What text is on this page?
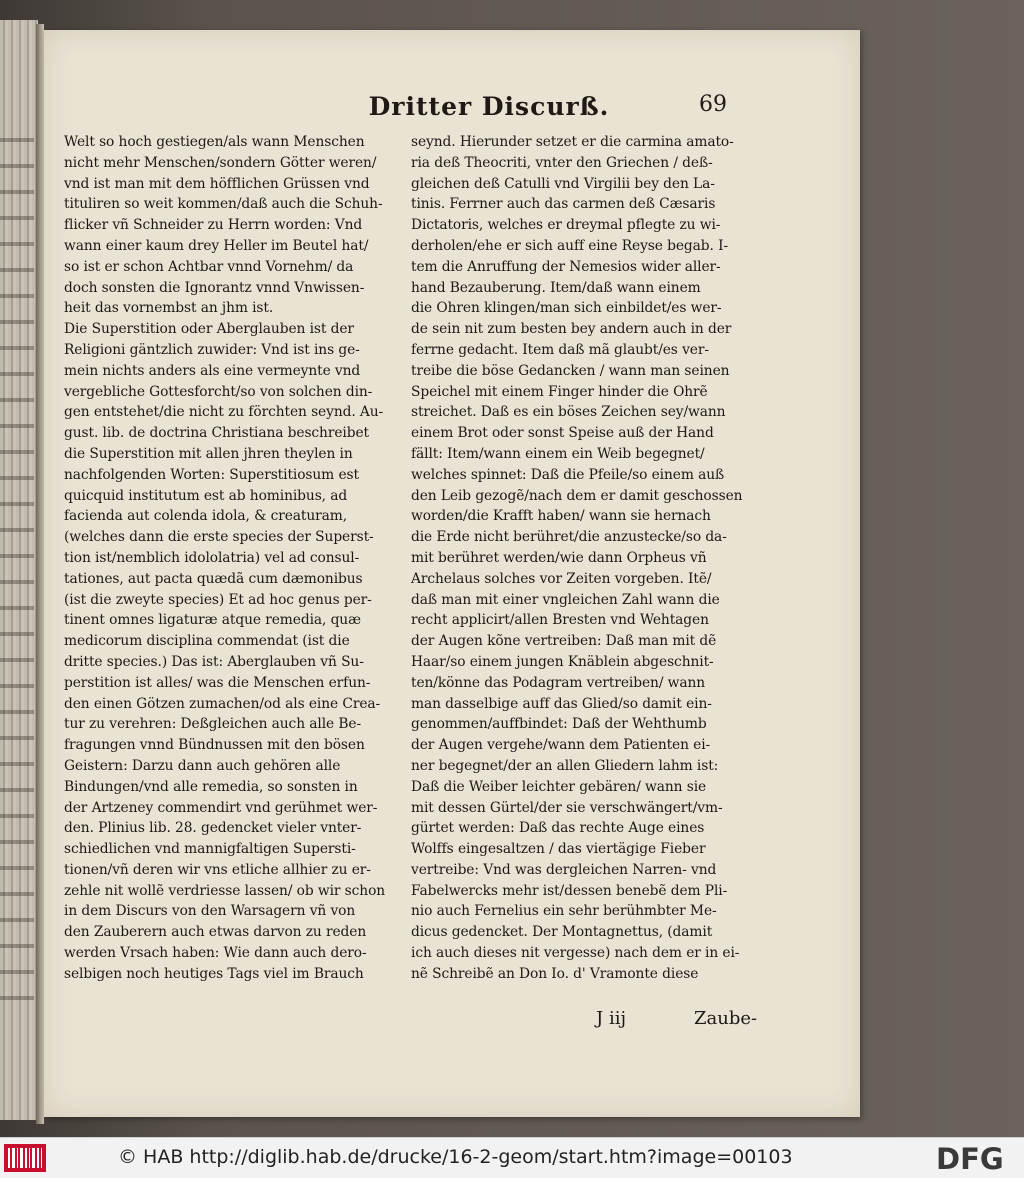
Dritter Discurß.	69
Welt so hoch gestiegen/als wann Menschen
nicht mehr Menschen/sondern Götter weren/
vnd ist man mit dem höfflichen Grüssen vnd
tituliren so weit kommen/daß auch die Schuh-
flicker vñ Schneider zu Herrn worden: Vnd
wann einer kaum drey Heller im Beutel hat/
so ist er schon Achtbar vnnd Vornehm/ da
doch sonsten die Ignorantz vnnd Vnwissen-
heit das vornembst an jhm ist.
Die Superstition oder Aberglauben ist der
Religioni gäntzlich zuwider: Vnd ist ins ge-
mein nichts anders als eine vermeynte vnd
vergebliche Gottesforcht/so von solchen din-
gen entstehet/die nicht zu förchten seynd. Au-
gust. lib. de doctrina Christiana beschreibet
die Superstition mit allen jhren theylen in
nachfolgenden Worten: Superstitiosum est
quicquid institutum est ab hominibus, ad
facienda aut colenda idola, & creaturam,
(welches dann die erste species der Superst-
tion ist/nemblich idololatria) vel ad consul-
tationes, aut pacta quædã cum dæmonibus
(ist die zweyte species) Et ad hoc genus per-
tinent omnes ligaturæ atque remedia, quæ
medicorum disciplina commendat (ist die
dritte species.) Das ist: Aberglauben vñ Su-
perstition ist alles/ was die Menschen erfun-
den einen Götzen zumachen/od als eine Crea-
tur zu verehren: Deßgleichen auch alle Be-
fragungen vnnd Bündnussen mit den bösen
Geistern: Darzu dann auch gehören alle
Bindungen/vnd alle remedia, so sonsten in
der Artzeney commendirt vnd gerühmet wer-
den. Plinius lib. 28. gedencket vieler vnter-
schiedlichen vnd mannigfaltigen Supersti-
tionen/vñ deren wir vns etliche allhier zu er-
zehle nit wollẽ verdriesse lassen/ ob wir schon
in dem Discurs von den Warsagern vñ von
den Zauberern auch etwas darvon zu reden
werden Vrsach haben: Wie dann auch dero-
selbigen noch heutiges Tags viel im Brauch
seynd. Hierunder setzet er die carmina amato-
ria deß Theocriti, vnter den Griechen / deß-
gleichen deß Catulli vnd Virgilii bey den La-
tinis. Ferrner auch das carmen deß Cæsaris
Dictatoris, welches er dreymal pflegte zu wi-
derholen/ehe er sich auff eine Reyse begab. I-
tem die Anruffung der Nemesios wider aller-
hand Bezauberung. Item/daß wann einem
die Ohren klingen/man sich einbildet/es wer-
de sein nit zum besten bey andern auch in der
ferrne gedacht. Item daß mã glaubt/es ver-
treibe die böse Gedancken / wann man seinen
Speichel mit einem Finger hinder die Ohrẽ
streichet. Daß es ein böses Zeichen sey/wann
einem Brot oder sonst Speise auß der Hand
fällt: Item/wann einem ein Weib begegnet/
welches spinnet: Daß die Pfeile/so einem auß
den Leib gezogẽ/nach dem er damit geschossen
worden/die Krafft haben/ wann sie hernach
die Erde nicht berühret/die anzustecke/so da-
mit berühret werden/wie dann Orpheus vñ
Archelaus solches vor Zeiten vorgeben. Itẽ/
daß man mit einer vngleichen Zahl wann die
recht applicirt/allen Bresten vnd Wehtagen
der Augen kõne vertreiben: Daß man mit dẽ
Haar/so einem jungen Knäblein abgeschnit-
ten/könne das Podagram vertreiben/ wann
man dasselbige auff das Glied/so damit ein-
genommen/auffbindet: Daß der Wehthumb
der Augen vergehe/wann dem Patienten ei-
ner begegnet/der an allen Gliedern lahm ist:
Daß die Weiber leichter gebären/ wann sie
mit dessen Gürtel/der sie verschwängert/vm-
gürtet werden: Daß das rechte Auge eines
Wolffs eingesaltzen / das viertägige Fieber
vertreibe: Vnd was dergleichen Narren- vnd
Fabelwercks mehr ist/dessen benebẽ dem Pli-
nio auch Fernelius ein sehr berühmbter Me-
dicus gedencket. Der Montagnettus, (damit
ich auch dieses nit vergesse) nach dem er in ei-
nẽ Schreibẽ an Don Io. d' Vramonte diese
J iij	Zaube-
© HAB http://diglib.hab.de/drucke/16-2-geom/start.htm?image=00103	DFG
